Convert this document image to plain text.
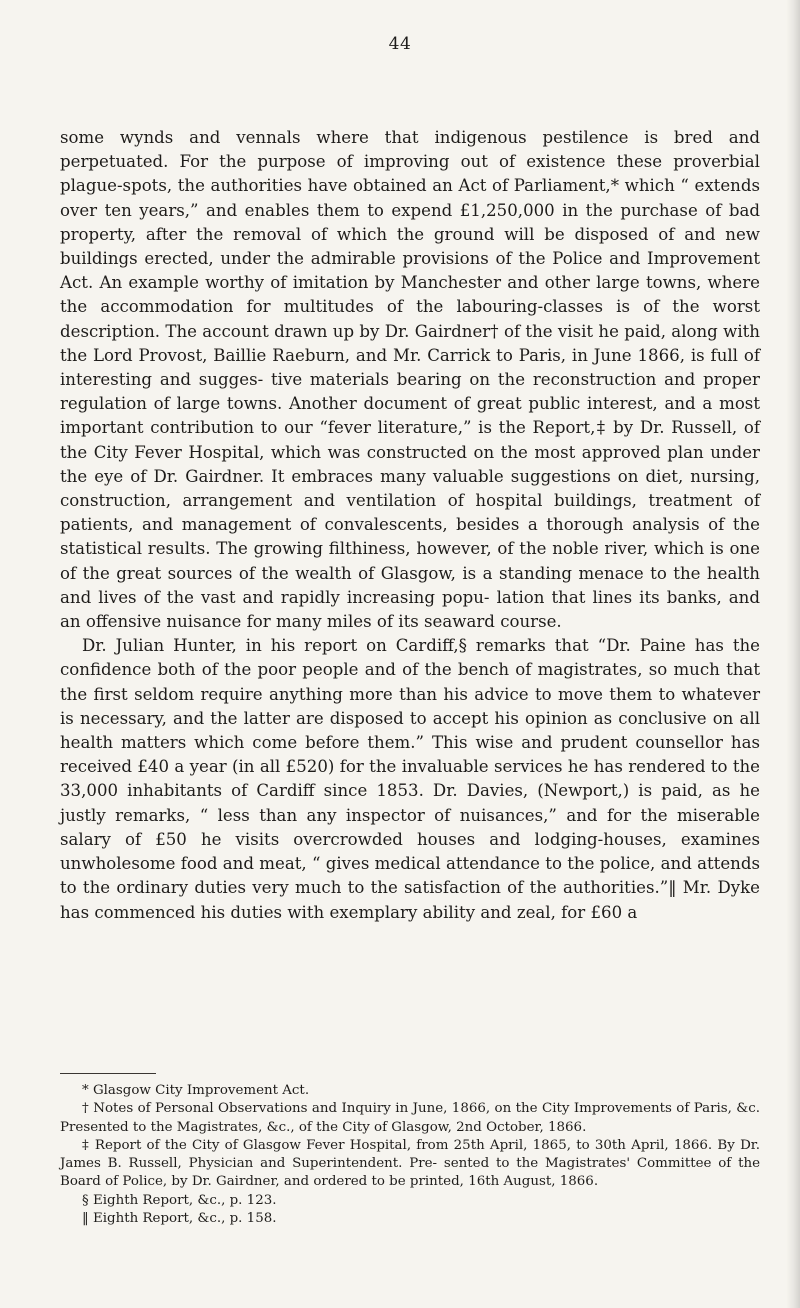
44

some wynds and vennals where that indigenous pestilence is bred and perpetuated. For the purpose of improving out of existence these proverbial plague-spots, the authorities have obtained an Act of Parliament,* which “ extends over ten years,” and enables them to expend £1,250,000 in the purchase of bad property, after the removal of which the ground will be disposed of and new buildings erected, under the admirable provisions of the Police and Improvement Act. An example worthy of imitation by Manchester and other large towns, where the accommodation for multitudes of the labouring-classes is of the worst description. The account drawn up by Dr. Gairdner† of the visit he paid, along with the Lord Provost, Baillie Raeburn, and Mr. Carrick to Paris, in June 1866, is full of interesting and sugges- tive materials bearing on the reconstruction and proper regulation of large towns. Another document of great public interest, and a most important contribution to our “fever literature,” is the Report,‡ by Dr. Russell, of the City Fever Hospital, which was constructed on the most approved plan under the eye of Dr. Gairdner. It embraces many valuable suggestions on diet, nursing, construction, arrangement and ventilation of hospital buildings, treatment of patients, and management of convalescents, besides a thorough analysis of the statistical results. The growing filthiness, however, of the noble river, which is one of the great sources of the wealth of Glasgow, is a standing menace to the health and lives of the vast and rapidly increasing popu- lation that lines its banks, and an offensive nuisance for many miles of its seaward course.

Dr. Julian Hunter, in his report on Cardiff,§ remarks that “Dr. Paine has the confidence both of the poor people and of the bench of magistrates, so much that the first seldom require anything more than his advice to move them to whatever is necessary, and the latter are disposed to accept his opinion as conclusive on all health matters which come before them.” This wise and prudent counsellor has received £40 a year (in all £520) for the invaluable services he has rendered to the 33,000 inhabitants of Cardiff since 1853. Dr. Davies, (Newport,) is paid, as he justly remarks, “ less than any inspector of nuisances,” and for the miserable salary of £50 he visits overcrowded houses and lodging-houses, examines unwholesome food and meat, “ gives medical attendance to the police, and attends to the ordinary duties very much to the satisfaction of the authorities.”‖ Mr. Dyke has commenced his duties with exemplary ability and zeal, for £60 a

* Glasgow City Improvement Act.

† Notes of Personal Observations and Inquiry in June, 1866, on the City Improvements of Paris, &c. Presented to the Magistrates, &c., of the City of Glasgow, 2nd October, 1866.

‡ Report of the City of Glasgow Fever Hospital, from 25th April, 1865, to 30th April, 1866. By Dr. James B. Russell, Physician and Superintendent. Pre- sented to the Magistrates' Committee of the Board of Police, by Dr. Gairdner, and ordered to be printed, 16th August, 1866.

§ Eighth Report, &c., p. 123.

‖ Eighth Report, &c., p. 158.
